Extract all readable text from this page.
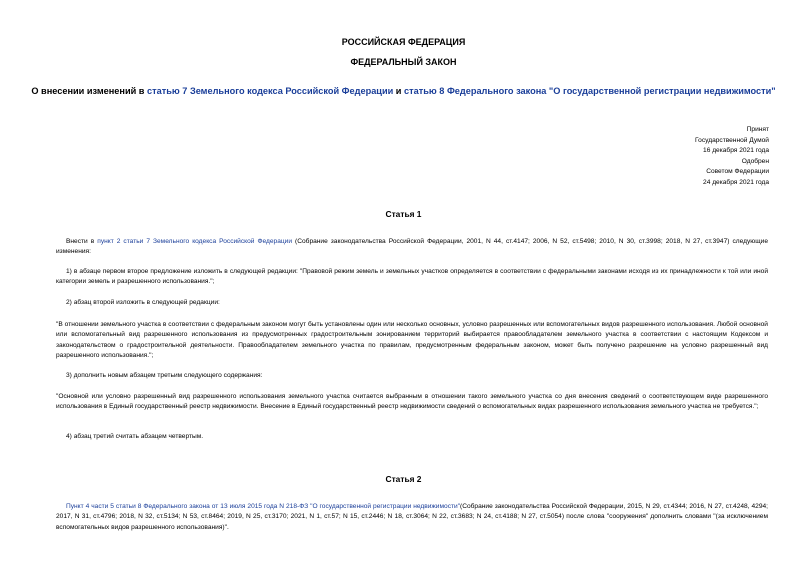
РОССИЙСКАЯ ФЕДЕРАЦИЯ
ФЕДЕРАЛЬНЫЙ ЗАКОН
О внесении изменений в статью 7 Земельного кодекса Российской Федерации и статью 8 Федерального закона "О государственной регистрации недвижимости"
Принят
Государственной Думой
16 декабря 2021 года
Одобрен
Советом Федерации
24 декабря 2021 года
Статья 1
Внести в пункт 2 статьи 7 Земельного кодекса Российской Федерации (Собрание законодательства Российской Федерации, 2001, N 44, ст.4147; 2006, N 52, ст.5498; 2010, N 30, ст.3998; 2018, N 27, ст.3947) следующие изменения:
1) в абзаце первом второе предложение изложить в следующей редакции: "Правовой режим земель и земельных участков определяется в соответствии с федеральными законами исходя из их принадлежности к той или иной категории земель и разрешенного использования.";
2) абзац второй изложить в следующей редакции:
"В отношении земельного участка в соответствии с федеральным законом могут быть установлены один или несколько основных, условно разрешенных или вспомогательных видов разрешенного использования. Любой основной или вспомогательный вид разрешенного использования из предусмотренных градостроительным зонированием территорий выбирается правообладателем земельного участка в соответствии с настоящим Кодексом и законодательством о градостроительной деятельности. Правообладателем земельного участка по правилам, предусмотренным федеральным законом, может быть получено разрешение на условно разрешенный вид разрешенного использования.";
3) дополнить новым абзацем третьим следующего содержания:
"Основной или условно разрешенный вид разрешенного использования земельного участка считается выбранным в отношении такого земельного участка со дня внесения сведений о соответствующем виде разрешенного использования в Единый государственный реестр недвижимости. Внесение в Единый государственный реестр недвижимости сведений о вспомогательных видах разрешенного использования земельного участка не требуется.";
4) абзац третий считать абзацем четвертым.
Статья 2
Пункт 4 части 5 статьи 8 Федерального закона от 13 июля 2015 года N 218-ФЗ "О государственной регистрации недвижимости"(Собрание законодательства Российской Федерации, 2015, N 29, ст.4344; 2016, N 27, ст.4248, 4294; 2017, N 31, ст.4796; 2018, N 32, ст.5134; N 53, ст.8464; 2019, N 25, ст.3170; 2021, N 1, ст.57; N 15, ст.2446; N 18, ст.3064; N 22, ст.3683; N 24, ст.4188; N 27, ст.5054) после слова "сооружения" дополнить словами "(за исключением вспомогательных видов разрешенного использования)".
